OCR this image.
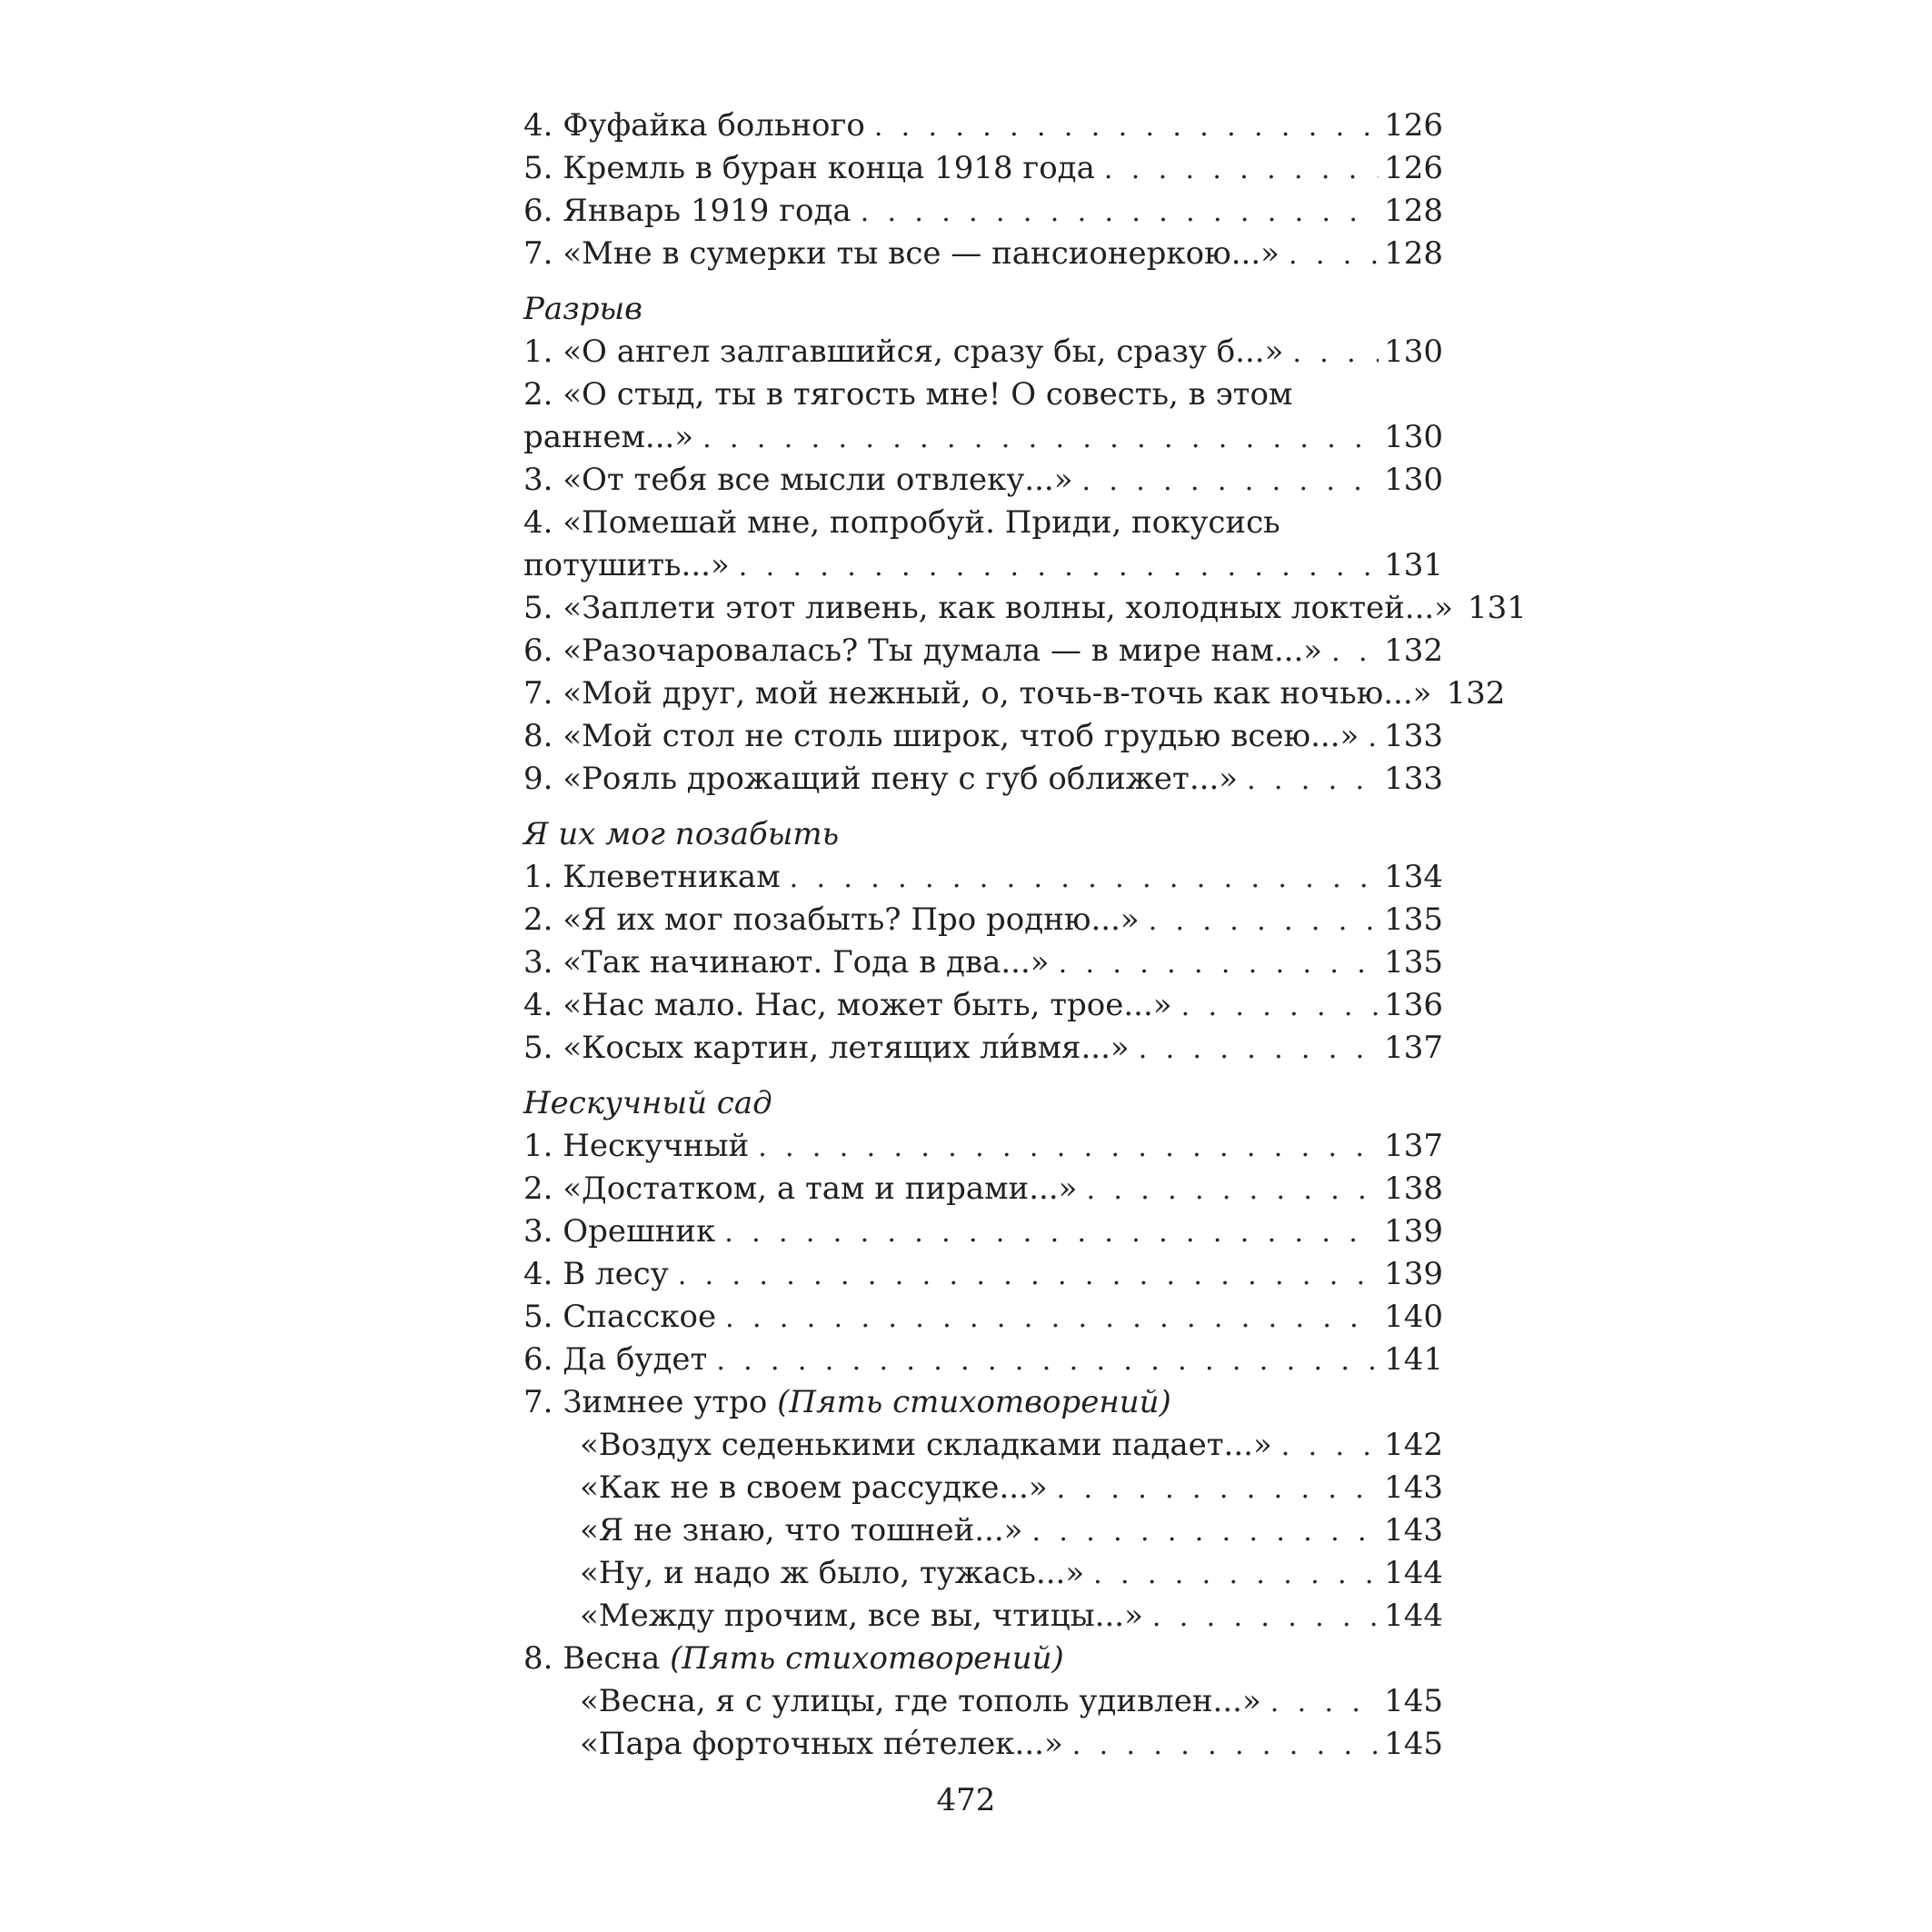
4. Фуфайка больного . . .	126
5. Кремль в буран конца 1918 года . . .	126
6. Январь 1919 года . . .	128
7. «Мне в сумерки ты все — пансионеркою...» . . .	128
Разрыв
1. «О ангел залгавшийся, сразу бы, сразу б...» . . .	130
2. «О стыд, ты в тягость мне! О совесть, в этом
раннем...» . . .	130
3. «От тебя все мысли отвлеку...» . . .	130
4. «Помешай мне, попробуй. Приди, покусись
потушить...» . . .	131
5. «Заплети этот ливень, как волны, холодных локтей...» 131
6. «Разочаровалась? Ты думала — в мире нам...» . . . 132
7. «Мой друг, мой нежный, о, точь-в-точь как ночью...» 132
8. «Мой стол не столь широк, чтоб грудью всею...» . . . 133
9. «Рояль дрожащий пену с губ оближет...» . . .	133
Я их мог позабыть
1. Клеветникам . . .	134
2. «Я их мог позабыть? Про родню...» . . .	135
3. «Так начинают. Года в два...» . . .	135
4. «Нас мало. Нас, может быть, трое...» . . .	136
5. «Косых картин, летящих ли́вмя...» . . .	137
Нескучный сад
1. Нескучный . . .	137
2. «Достатком, а там и пирами...» . . .	138
3. Орешник . . .	139
4. В лесу . . .	139
5. Спасское . . .	140
6. Да будет . . .	141
7. Зимнее утро (Пять стихотворений)
«Воздух седенькими складками падает...» . . .	142
«Как не в своем рассудке...» . . .	143
«Я не знаю, что тошней...» . . .	143
«Ну, и надо ж было, тужась...» . . .	144
«Между прочим, все вы, чтицы...» . . .	144
8. Весна (Пять стихотворений)
«Весна, я с улицы, где тополь удивлен...» . . .	145
«Пара форточных пе́телек...» . . .	145
472
